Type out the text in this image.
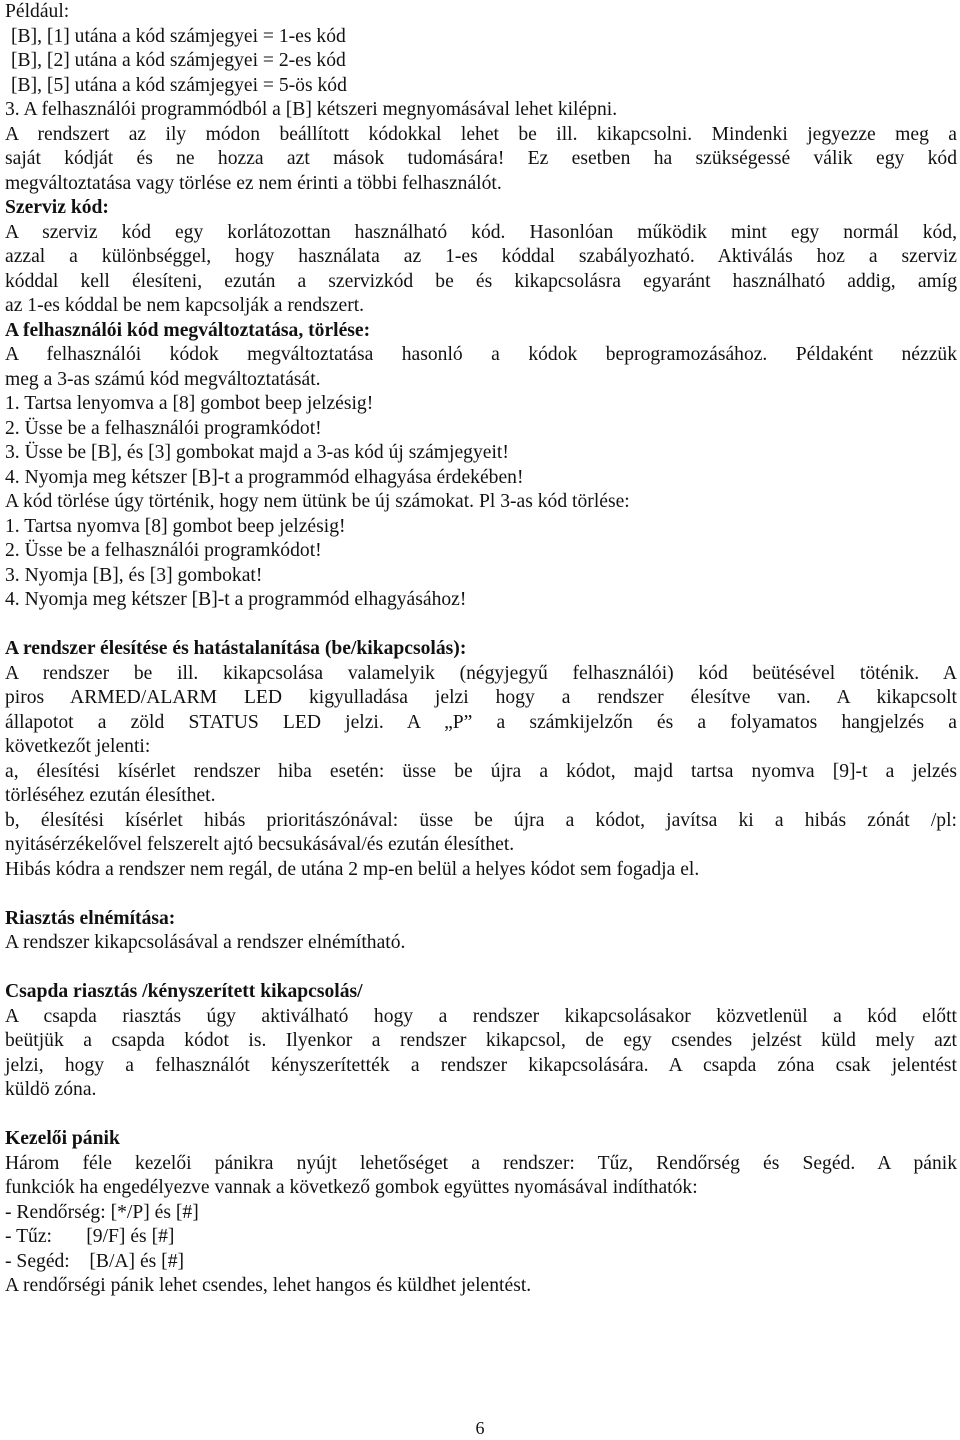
Például:
[B], [1] utána a kód számjegyei = 1-es kód
[B], [2] utána a kód számjegyei = 2-es kód
[B], [5] utána a kód számjegyei = 5-ös kód
3. A felhasználói programmódból a [B] kétszeri megnyomásával lehet kilépni.
A rendszert az ily módon beállított kódokkal lehet be ill. kikapcsolni. Mindenki jegyezze meg a
saját kódját és ne hozza azt mások tudomására! Ez esetben ha szükségessé válik egy kód
megváltoztatása vagy törlése ez nem érinti a többi felhasználót.
Szerviz kód:
A szerviz kód egy korlátozottan használható kód. Hasonlóan működik mint egy normál kód,
azzal a különbséggel, hogy használata az 1-es kóddal szabályozható. Aktiválás hoz a szerviz
kóddal kell élesíteni, ezután a szervizkód be és kikapcsolásra egyaránt használható addig, amíg
az 1-es kóddal be nem kapcsolják a rendszert.
A felhasználói kód megváltoztatása, törlése:
A felhasználói kódok megváltoztatása hasonló a kódok beprogramozásához. Példaként nézzük
meg a 3-as számú kód megváltoztatását.
1. Tartsa lenyomva a [8] gombot beep jelzésig!
2. Üsse be a felhasználói programkódot!
3. Üsse be [B], és [3] gombokat majd a 3-as kód új számjegyeit!
4. Nyomja meg kétszer [B]-t a programmód elhagyása érdekében!
A kód törlése úgy történik, hogy nem ütünk be új számokat. Pl 3-as kód törlése:
1. Tartsa nyomva [8] gombot beep jelzésig!
2. Üsse be a felhasználói programkódot!
3. Nyomja [B], és [3] gombokat!
4. Nyomja meg kétszer [B]-t a programmód elhagyásához!
A rendszer élesítése és hatástalanítása (be/kikapcsolás):
A rendszer be ill. kikapcsolása valamelyik (négyjegyű felhasználói) kód beütésével töténik. A
piros ARMED/ALARM LED kigyulladása jelzi hogy a rendszer élesítve van. A kikapcsolt
állapotot a zöld STATUS LED jelzi. A „P” a számkijelzőn és a folyamatos hangjelzés a
következőt jelenti:
a, élesítési kísérlet rendszer hiba esetén: üsse be újra a kódot, majd tartsa nyomva [9]-t a jelzés
törléséhez ezután élesíthet.
b, élesítési kísérlet hibás prioritászónával: üsse be újra a kódot, javítsa ki a hibás zónát /pl:
nyitásérzékelővel felszerelt ajtó becsukásával/és ezután élesíthet.
Hibás kódra a rendszer nem regál, de utána 2 mp-en belül a helyes kódot sem fogadja el.
Riasztás elnémítása:
A rendszer kikapcsolásával a rendszer elnémítható.
Csapda riasztás /kényszerített kikapcsolás/
A csapda riasztás úgy aktiválható hogy a rendszer kikapcsolásakor közvetlenül a kód előtt
beütjük a csapda kódot is. Ilyenkor a rendszer kikapcsol, de egy csendes jelzést küld mely azt
jelzi, hogy a felhasználót kényszerítették a rendszer kikapcsolására. A csapda zóna csak jelentést
küldö zóna.
Kezelői pánik
Három féle kezelői pánikra nyújt lehetőséget a rendszer: Tűz, Rendőrség és Segéd. A pánik
funkciók ha engedélyezve vannak a következő gombok együttes nyomásával indíthatók:
- Rendőrség: [*/P] és [#]
- Tűz:       [9/F] és [#]
- Segéd:    [B/A] és [#]
A rendőrségi pánik lehet csendes, lehet hangos és küldhet jelentést.
6
